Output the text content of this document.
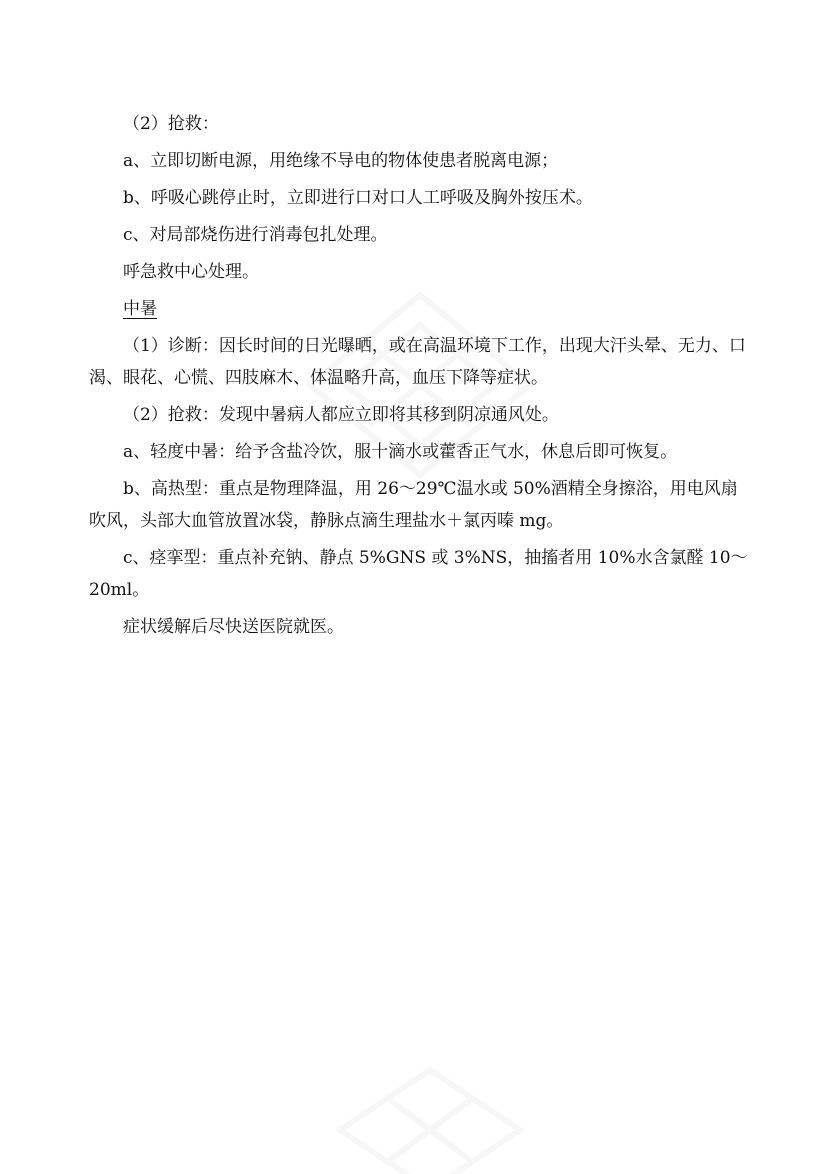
（2）抢救：

a、立即切断电源，用绝缘不导电的物体使患者脱离电源；

b、呼吸心跳停止时，立即进行口对口人工呼吸及胸外按压术。

c、对局部烧伤进行消毒包扎处理。

呼急救中心处理。

中暑

（1）诊断：因长时间的日光曝晒，或在高温环境下工作，出现大汗头晕、无力、口渴、眼花、心慌、四肢麻木、体温略升高，血压下降等症状。

（2）抢救：发现中暑病人都应立即将其移到阴凉通风处。

a、轻度中暑：给予含盐冷饮，服十滴水或藿香正气水，休息后即可恢复。

b、高热型：重点是物理降温，用 26～29℃温水或 50%酒精全身擦浴，用电风扇吹风，头部大血管放置冰袋，静脉点滴生理盐水＋氯丙嗪 mg。

c、痉挛型：重点补充钠、静点 5%GNS 或 3%NS，抽搐者用 10%水含氯醛 10～20ml。

症状缓解后尽快送医院就医。
